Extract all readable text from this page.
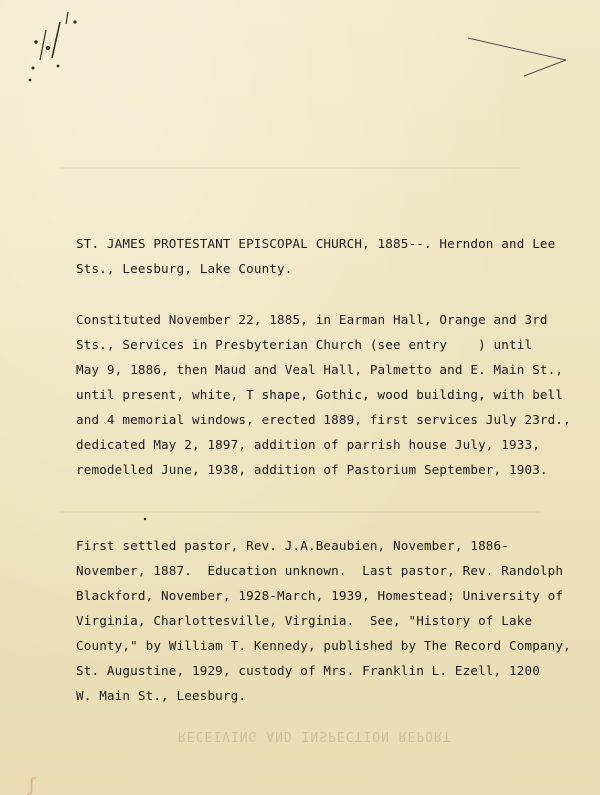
RECEIVING AND INSPECTION REPORT
ʃ
ST. JAMES PROTESTANT EPISCOPAL CHURCH, 1885--. Herndon and Lee
Sts., Leesburg, Lake County.
Constituted November 22, 1885, in Earman Hall, Orange and 3rd
Sts., Services in Presbyterian Church (see entry    ) until
May 9, 1886, then Maud and Veal Hall, Palmetto and E. Main St.,
until present, white, T shape, Gothic, wood building, with bell
and 4 memorial windows, erected 1889, first services July 23rd.,
dedicated May 2, 1897, addition of parrish house July, 1933,
remodelled June, 1938, addition of Pastorium September, 1903.
First settled pastor, Rev. J.A.Beaubien, November, 1886-
November, 1887.  Education unknown.  Last pastor, Rev. Randolph
Blackford, November, 1928-March, 1939, Homestead; University of
Virginia, Charlottesville, Virginia.  See, "History of Lake
County," by William T. Kennedy, published by The Record Company,
St. Augustine, 1929, custody of Mrs. Franklin L. Ezell, 1200
W. Main St., Leesburg.
